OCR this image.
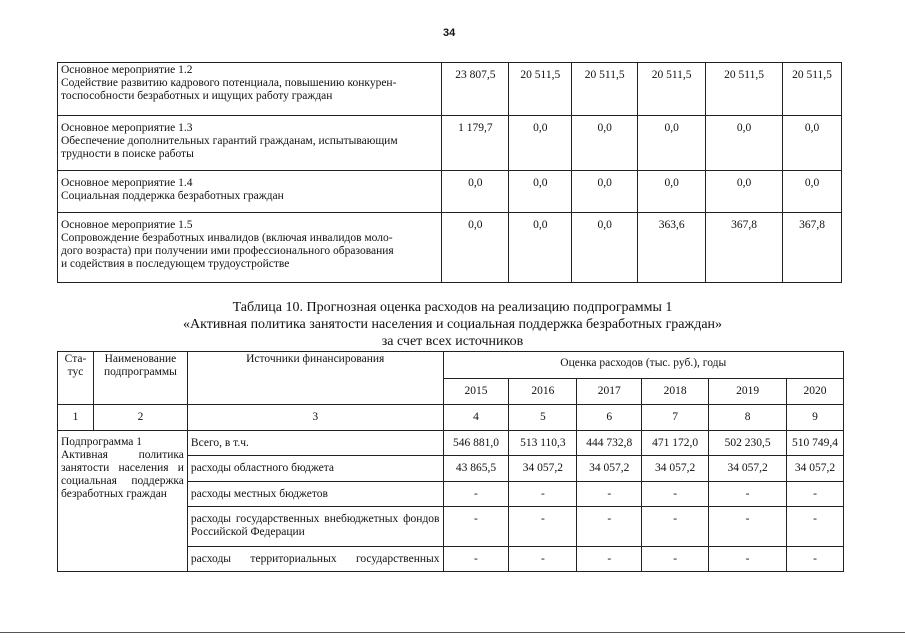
34
Основное мероприятие 1.2
Содействие развитию кадрового потенциала, повышению конкурен-
тоспособности безработных и ищущих работу граждан	23 807,5	20 511,5	20 511,5	20 511,5	20 511,5	20 511,5

Основное мероприятие 1.3
Обеспечение дополнительных гарантий гражданам, испытывающим
трудности в поиске работы	1 179,7	0,0	0,0	0,0	0,0	0,0

Основное мероприятие 1.4
Социальная поддержка безработных граждан	0,0	0,0	0,0	0,0	0,0	0,0

Основное мероприятие 1.5
Сопровождение безработных инвалидов (включая инвалидов моло-
дого возраста) при получении ими профессионального образования
и содействия в последующем трудоустройстве	0,0	0,0	0,0	363,6	367,8	367,8
Таблица 10. Прогнозная оценка расходов на реализацию подпрограммы 1
«Активная политика занятости населения и социальная поддержка безработных граждан»
за счет всех источников
Ста- тус	Наименование подпрограммы	Источники финансирования	Оценка расходов (тыс. руб.), годы					
			2015	2016	2017	2018	2019	2020
1	2	3	4	5	6	7	8	9

Подпрограмма 1

Активная политика занятости населения и социальная поддержка безработных граждан		Всего, в т.ч.	546 881,0	513 110,3	444 732,8	471 172,0	502 230,5	510 749,4
		расходы областного бюджета	43 865,5	34 057,2	34 057,2	34 057,2	34 057,2	34 057,2
		расходы местных бюджетов	-	-	-	-	-	-
		расходы государственных внебюджетных фондов Российской Федерации	-	-	-	-	-	-
		расходы территориальных государственных	-	-	-	-	-	-
